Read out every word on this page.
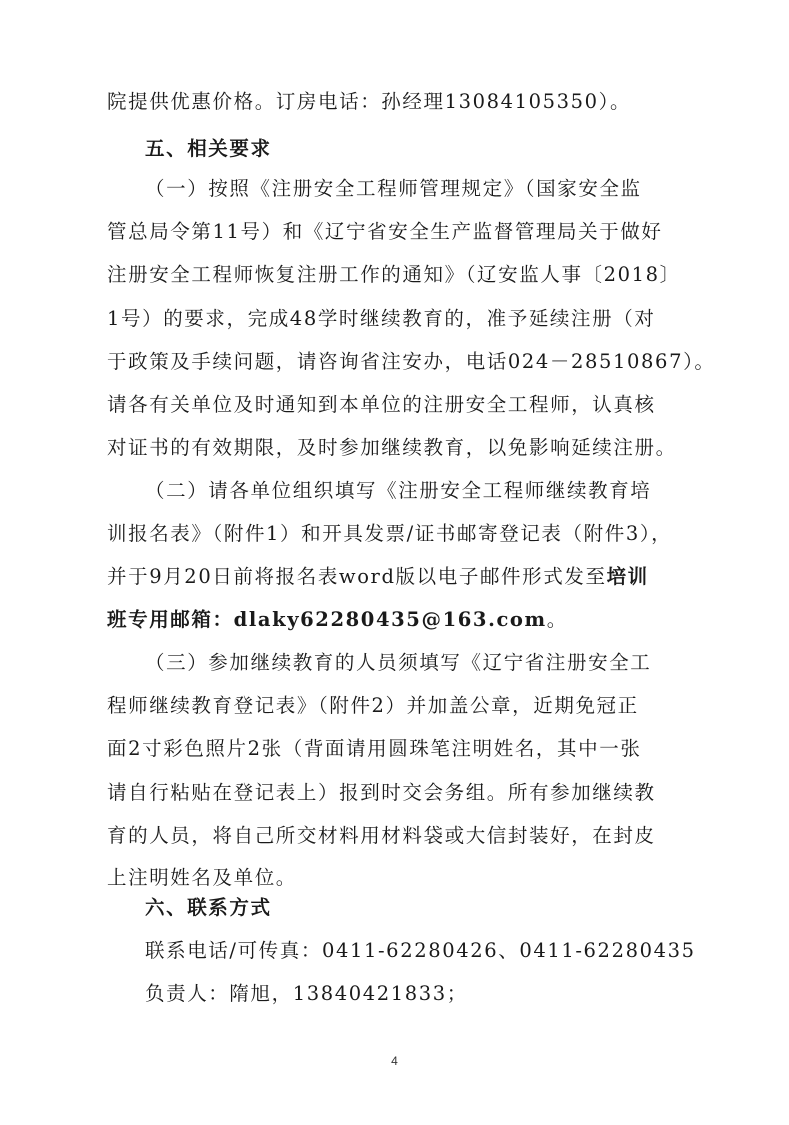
院提供优惠价格。订房电话：孙经理13084105350）。
五、相关要求
（一）按照《注册安全工程师管理规定》（国家安全监
管总局令第11号）和《辽宁省安全生产监督管理局关于做好
注册安全工程师恢复注册工作的通知》（辽安监人事〔2018〕
1号）的要求，完成48学时继续教育的，准予延续注册（对
于政策及手续问题，请咨询省注安办，电话024－28510867）。
请各有关单位及时通知到本单位的注册安全工程师，认真核
对证书的有效期限，及时参加继续教育，以免影响延续注册。
（二）请各单位组织填写《注册安全工程师继续教育培
训报名表》（附件1）和开具发票/证书邮寄登记表（附件3），
并于9月20日前将报名表word版以电子邮件形式发至培训
班专用邮箱：dlaky62280435@163.com。
（三）参加继续教育的人员须填写《辽宁省注册安全工
程师继续教育登记表》（附件2）并加盖公章，近期免冠正
面2寸彩色照片2张（背面请用圆珠笔注明姓名，其中一张
请自行粘贴在登记表上）报到时交会务组。所有参加继续教
育的人员，将自己所交材料用材料袋或大信封装好，在封皮
上注明姓名及单位。
六、联系方式
联系电话/可传真：0411-62280426、0411-62280435
负责人：隋旭，13840421833；
4
